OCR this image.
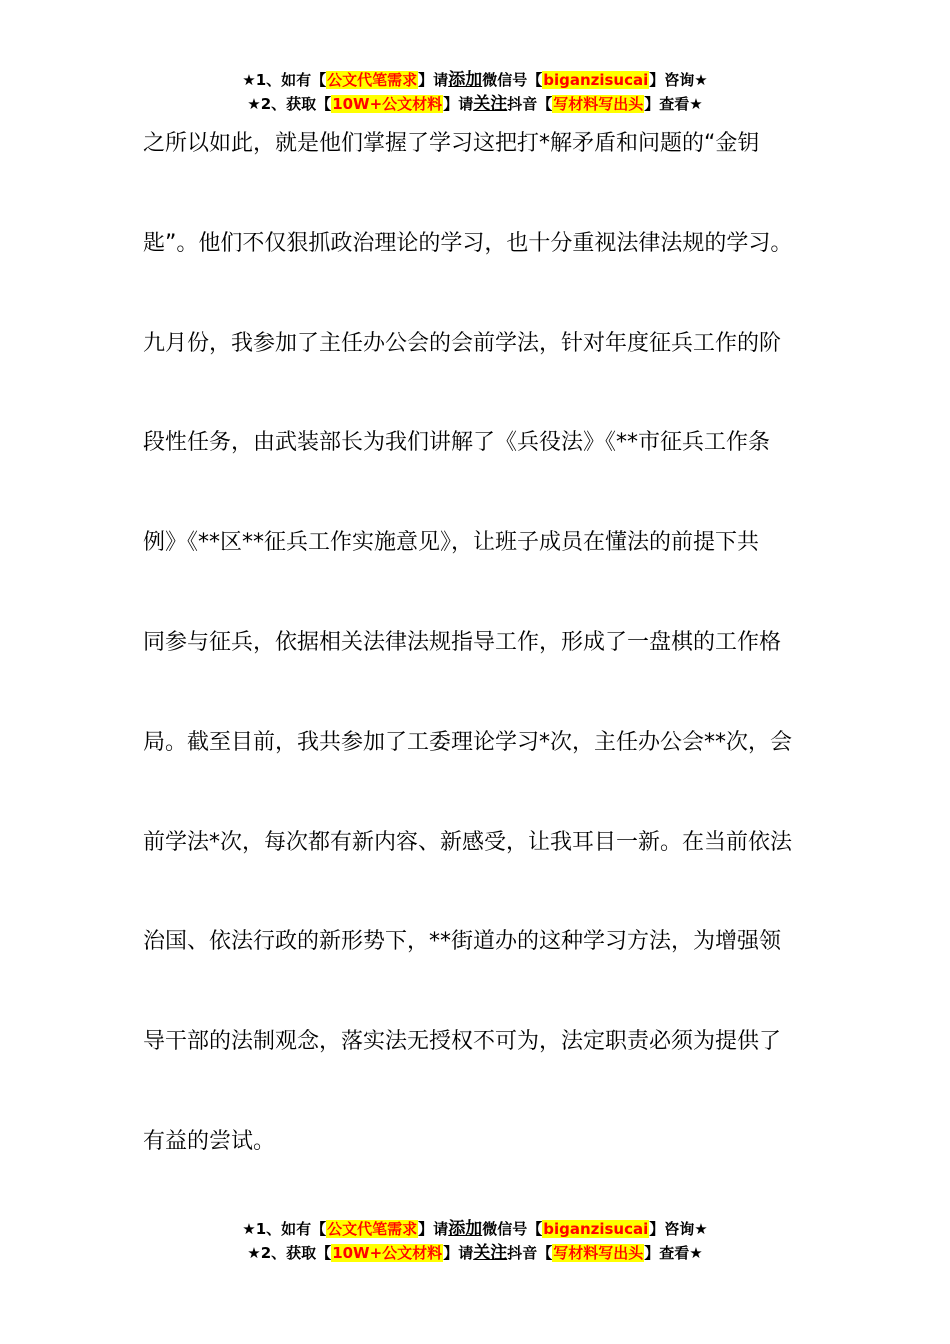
★1、如有【公文代笔需求】请添加微信号【biganzisucai】咨询★
★2、获取【10W+公文材料】请关注抖音【写材料写出头】查看★
之所以如此，就是他们掌握了学习这把打*解矛盾和问题的“金钥
匙”。他们不仅狠抓政治理论的学习，也十分重视法律法规的学习。
九月份，我参加了主任办公会的会前学法，针对年度征兵工作的阶
段性任务，由武装部长为我们讲解了《兵役法》《**市征兵工作条
例》《**区**征兵工作实施意见》，让班子成员在懂法的前提下共
同参与征兵，依据相关法律法规指导工作，形成了一盘棋的工作格
局。截至目前，我共参加了工委理论学习*次，主任办公会**次，会
前学法*次，每次都有新内容、新感受，让我耳目一新。在当前依法
治国、依法行政的新形势下，**街道办的这种学习方法，为增强领
导干部的法制观念，落实法无授权不可为，法定职责必须为提供了
有益的尝试。
★1、如有【公文代笔需求】请添加微信号【biganzisucai】咨询★
★2、获取【10W+公文材料】请关注抖音【写材料写出头】查看★
